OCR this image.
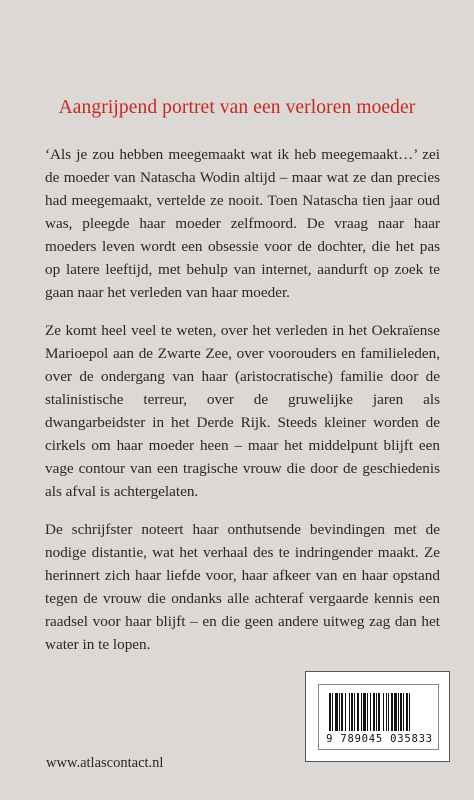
Aangrijpend portret van een verloren moeder

‘Als je zou hebben meegemaakt wat ik heb meegemaakt…’ zei de moeder van Natascha Wodin altijd – maar wat ze dan precies had meegemaakt, vertelde ze nooit. Toen Natascha tien jaar oud was, pleegde haar moeder zelfmoord. De vraag naar haar moeders leven wordt een obsessie voor de dochter, die het pas op latere leeftijd, met behulp van internet, aandurft op zoek te gaan naar het verleden van haar moeder.

Ze komt heel veel te weten, over het verleden in het Oekraïense Marioepol aan de Zwarte Zee, over voorouders en familieleden, over de ondergang van haar (aristocratische) familie door de stalinistische terreur, over de gruwelijke jaren als dwangarbeidster in het Derde Rijk. Steeds kleiner worden de cirkels om haar moeder heen – maar het middelpunt blijft een vage contour van een tragische vrouw die door de geschiedenis als afval is achtergelaten.

De schrijfster noteert haar onthutsende bevindingen met de nodige distantie, wat het verhaal des te indringender maakt. Ze herinnert zich haar liefde voor, haar afkeer van en haar opstand tegen de vrouw die ondanks alle achteraf vergaarde kennis een raadsel voor haar blijft – en die geen andere uitweg zag dan het water in te lopen.

9 789045 035833
www.atlascontact.nl
